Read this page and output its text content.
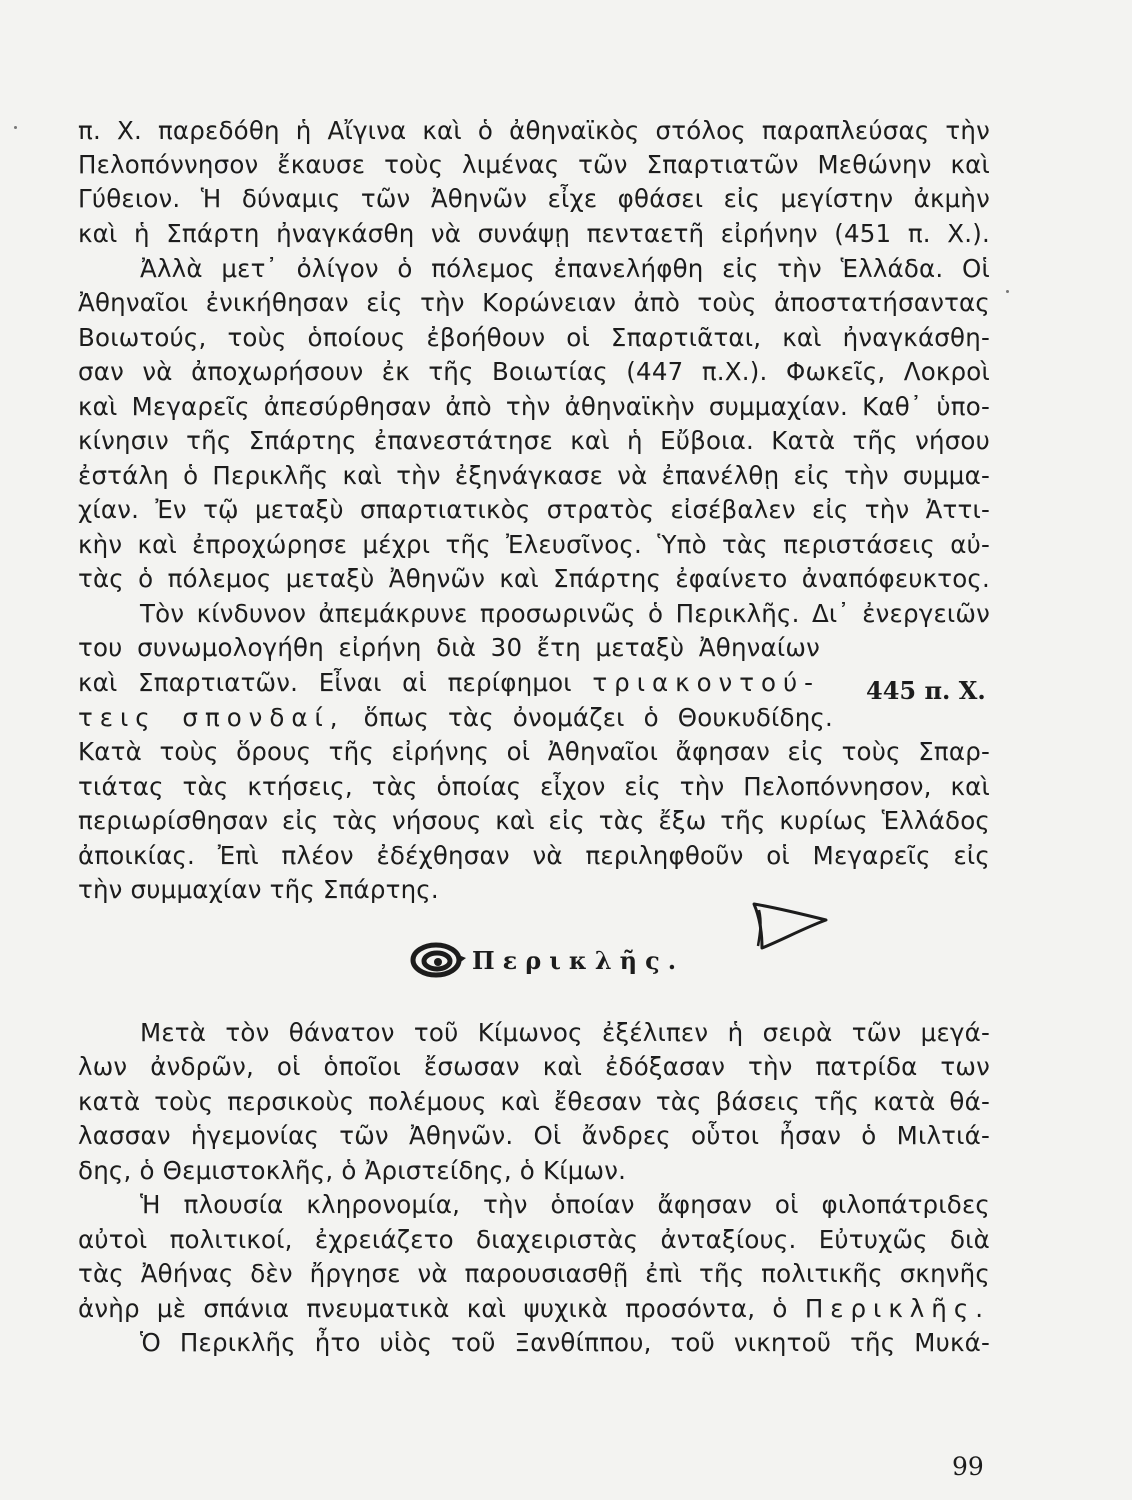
π. Χ. παρεδόθη ἡ Αἴγινα καὶ ὁ ἀθηναϊκὸς στόλος παραπλεύσας τὴν
Πελοπόννησον ἔκαυσε τοὺς λιμένας τῶν Σπαρτιατῶν Μεθώνην καὶ
Γύθειον. Ἡ δύναμις τῶν Ἀθηνῶν εἶχε φθάσει εἰς μεγίστην ἀκμὴν
καὶ ἡ Σπάρτη ἠναγκάσθη νὰ συνάψῃ πενταετῆ εἰρήνην (451 π. Χ.).
Ἀλλὰ μετ᾽ ὀλίγον ὁ πόλεμος ἐπανελήφθη εἰς τὴν Ἑλλάδα. Οἱ
Ἀθηναῖοι ἐνικήθησαν εἰς τὴν Κορώνειαν ἀπὸ τοὺς ἀποστατήσαντας
Βοιωτούς, τοὺς ὁποίους ἐβοήθουν οἱ Σπαρτιᾶται, καὶ ἠναγκάσθη-
σαν νὰ ἀποχωρήσουν ἐκ τῆς Βοιωτίας (447 π.Χ.). Φωκεῖς, Λοκροὶ
καὶ Μεγαρεῖς ἀπεσύρθησαν ἀπὸ τὴν ἀθηναϊκὴν συμμαχίαν. Καθ᾽ ὑπο-
κίνησιν τῆς Σπάρτης ἐπανεστάτησε καὶ ἡ Εὔβοια. Κατὰ τῆς νήσου
ἐστάλη ὁ Περικλῆς καὶ τὴν ἐξηνάγκασε νὰ ἐπανέλθῃ εἰς τὴν συμμα-
χίαν. Ἐν τῷ μεταξὺ σπαρτιατικὸς στρατὸς εἰσέβαλεν εἰς τὴν Ἀττι-
κὴν καὶ ἐπροχώρησε μέχρι τῆς Ἐλευσῖνος. Ὑπὸ τὰς περιστάσεις αὐ-
τὰς ὁ πόλεμος μεταξὺ Ἀθηνῶν καὶ Σπάρτης ἐφαίνετο ἀναπόφευκτος.
Τὸν κίνδυνον ἀπεμάκρυνε προσωρινῶς ὁ Περικλῆς. Δι᾽ ἐνεργειῶν
του συνωμολογήθη εἰρήνη διὰ 30 ἔτη μεταξὺ Ἀθηναίων
καὶ Σπαρτιατῶν. Εἶναι αἱ περίφημοι τριακοντού- 445 π. Χ.
τεις σπονδαί, ὅπως τὰς ὀνομάζει ὁ Θουκυδίδης.
Κατὰ τοὺς ὅρους τῆς εἰρήνης οἱ Ἀθηναῖοι ἄφησαν εἰς τοὺς Σπαρ-
τιάτας τὰς κτήσεις, τὰς ὁποίας εἶχον εἰς τὴν Πελοπόννησον, καὶ
περιωρίσθησαν εἰς τὰς νήσους καὶ εἰς τὰς ἔξω τῆς κυρίως Ἑλλάδος
ἀποικίας. Ἐπὶ πλέον ἐδέχθησαν νὰ περιληφθοῦν οἱ Μεγαρεῖς εἰς
τὴν συμμαχίαν τῆς Σπάρτης.
Περικλῆς.
Μετὰ τὸν θάνατον τοῦ Κίμωνος ἐξέλιπεν ἡ σειρὰ τῶν μεγά-
λων ἀνδρῶν, οἱ ὁποῖοι ἔσωσαν καὶ ἐδόξασαν τὴν πατρίδα των
κατὰ τοὺς περσικοὺς πολέμους καὶ ἔθεσαν τὰς βάσεις τῆς κατὰ θά-
λασσαν ἡγεμονίας τῶν Ἀθηνῶν. Οἱ ἄνδρες οὗτοι ἦσαν ὁ Μιλτιά-
δης, ὁ Θεμιστοκλῆς, ὁ Ἀριστείδης, ὁ Κίμων.
Ἡ πλουσία κληρονομία, τὴν ὁποίαν ἄφησαν οἱ φιλοπάτριδες
αὐτοὶ πολιτικοί, ἐχρειάζετο διαχειριστὰς ἀνταξίους. Εὐτυχῶς διὰ
τὰς Ἀθήνας δὲν ἤργησε νὰ παρουσιασθῇ ἐπὶ τῆς πολιτικῆς σκηνῆς
ἀνὴρ μὲ σπάνια πνευματικὰ καὶ ψυχικὰ προσόντα, ὁ Περικλῆς.
Ὁ Περικλῆς ἦτο υἱὸς τοῦ Ξανθίππου, τοῦ νικητοῦ τῆς Μυκά-
99
